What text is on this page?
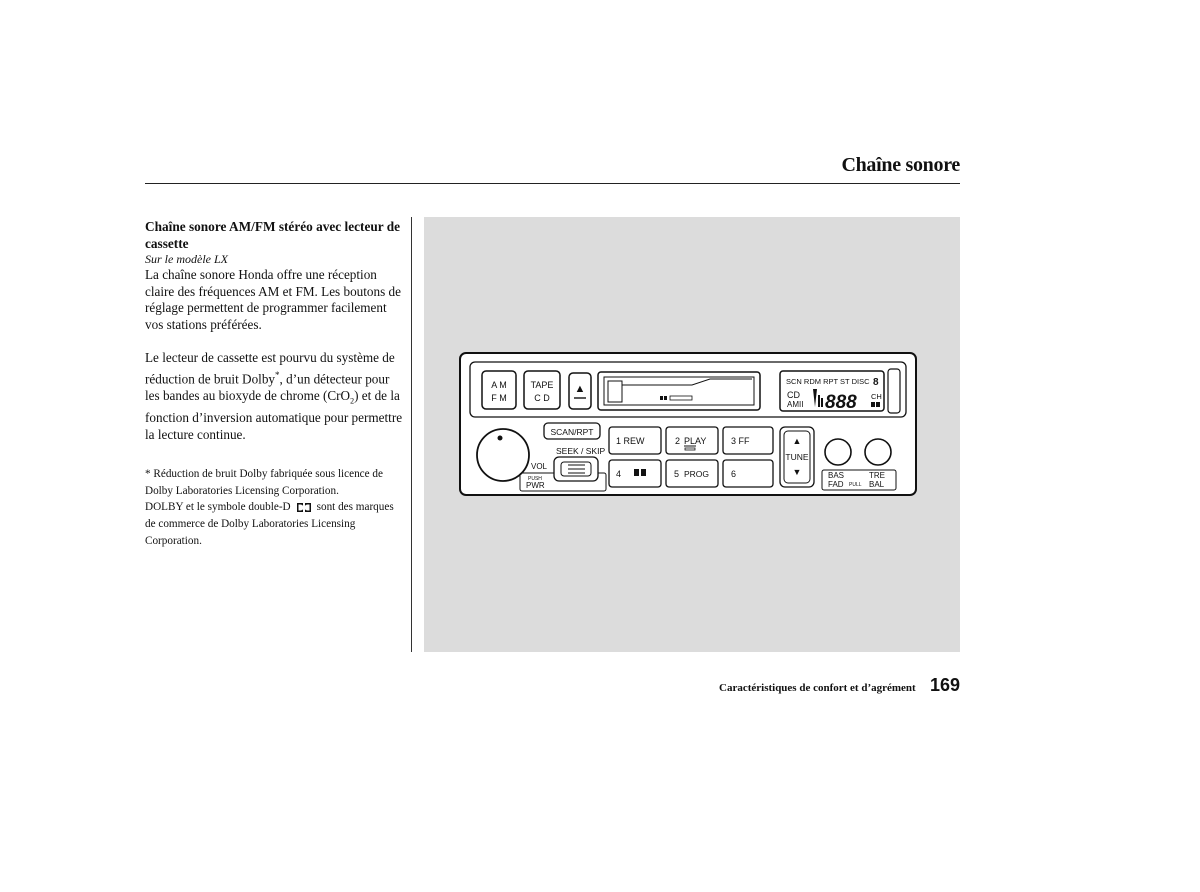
Chaîne sonore

Chaîne sonore AM/FM stéréo avec lecteur de cassette

Sur le modèle LX

La chaîne sonore Honda offre une réception claire des fréquences AM et FM. Les boutons de réglage permettent de programmer facilement vos stations préférées.

Le lecteur de cassette est pourvu du système de réduction de bruit Dolby*, d’un détecteur pour les bandes au bioxyde de chrome (CrO$_2$) et de la fonction d’inversion automatique pour permettre la lecture continue.

* Réduction de bruit Dolby fabriquée sous licence de Dolby Laboratories Licensing Corporation.
DOLBY et le symbole double-D sont des marques de commerce de Dolby Laboratories Licensing Corporation.
A M
F M
TAPE
C D
▲
SCN RDM RPT ST DISC 8
CD
AMII 888 CH
VOL
PUSH
PWR
SCAN/RPT
SEEK / SKIP
1 REW	2 PLAY	3 FF
4	5 PROG 6
▲
TUNE
▼	BAS	TRE
FAD PULL BAL
Caractéristiques de confort et d’agrément 169
